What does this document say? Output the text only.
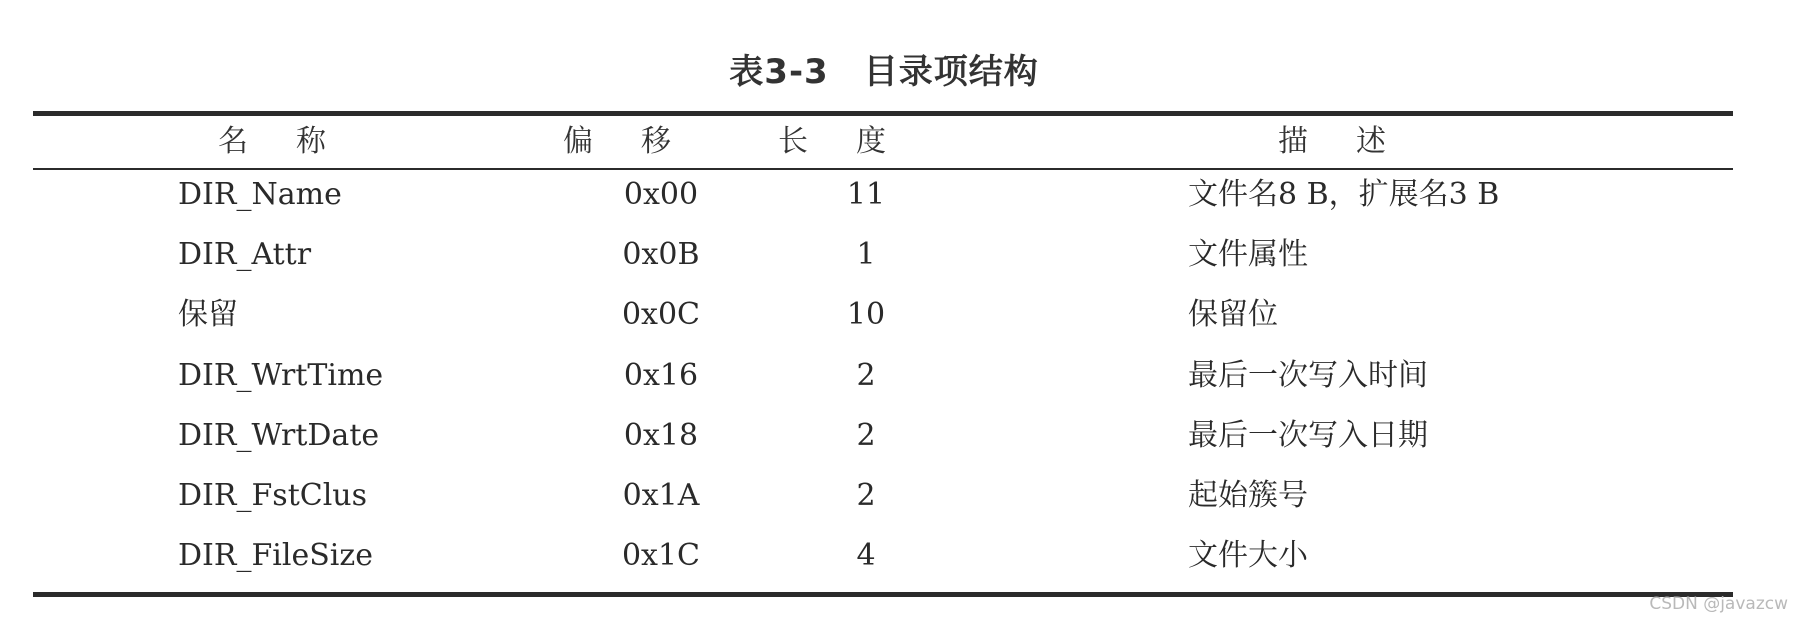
表3-3　目录项结构
名称	偏移	长度	描述
DIR_Name	0x00	11	文件名8 B，扩展名3 B
DIR_Attr	0x0B	1	文件属性
保留	0x0C	10	保留位
DIR_WrtTime	0x16	2	最后一次写入时间
DIR_WrtDate	0x18	2	最后一次写入日期
DIR_FstClus	0x1A	2	起始簇号
DIR_FileSize	0x1C	4	文件大小
CSDN @javazcw
